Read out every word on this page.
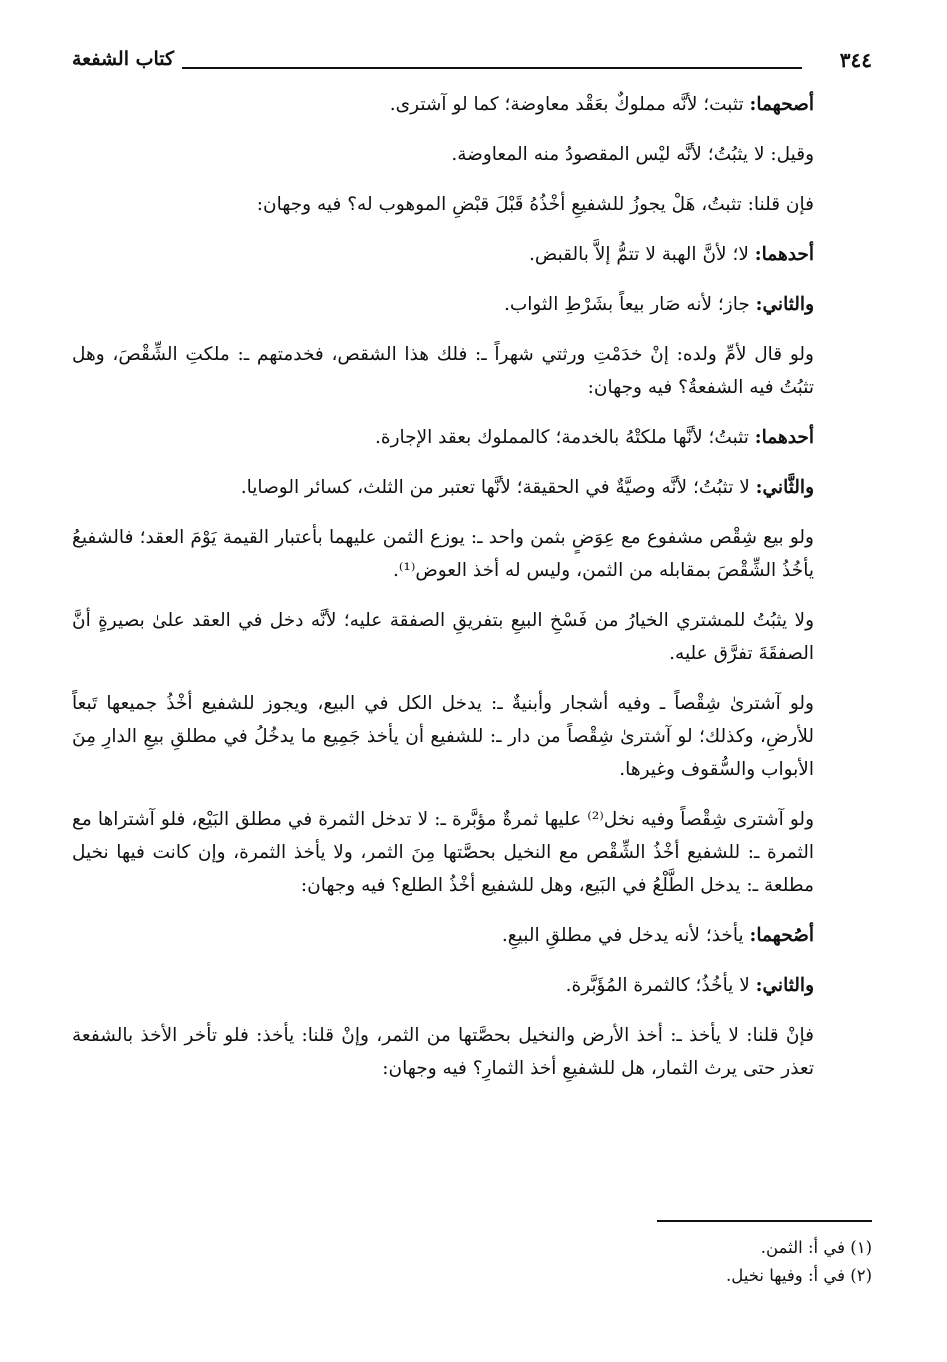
٣٤٤
كتاب الشفعة

أصحهما: تثبت؛ لأنَّه مملوكٌ بعَقْد معاوضة؛ كما لو آشترى.

وقيل: لا يثبُتُ؛ لأنَّه ليْس المقصودُ منه المعاوضة.

فإن قلنا: تثبتُ، هَلْ يجوزُ للشفيعِ أخْذُهُ قَبْلَ قبْضِ الموهوب له؟ فيه وجهان:

أحدهما: لا؛ لأنَّ الهبة لا تتمُّ إلاَّ بالقبض.

والثاني: جاز؛ لأنه صَار بيعاً بشَرْطِ الثواب.

ولو قال لأمِّ ولده: إنْ خدَمْتِ ورثتي شهراً ـ: فلك هذا الشقص، فخدمتهم ـ: ملكتِ الشِّقْصَ، وهل تثبُتُ فيه الشفعةُ؟ فيه وجهان:

أحدهما: تثبتُ؛ لأنَّها ملكتْهُ بالخدمة؛ كالمملوك بعقد الإجارة.

والثَّاني: لا تثبُتُ؛ لأنَّه وصيَّةٌ في الحقيقة؛ لأنَّها تعتبر من الثلث، كسائر الوصايا.

ولو بيع شِقْص مشفوع مع عِوَضٍ بثمن واحد ـ: يوزع الثمن عليهما بأعتبار القيمة يَوْمَ العقد؛ فالشفيعُ يأخُذُ الشِّقْصَ بمقابله من الثمن، وليس له أخذ العوض⁽¹⁾.

ولا يثبُتُ للمشتري الخيارُ من فَسْخِ البيعِ بتفريقِ الصفقة عليه؛ لأنَّه دخل في العقد علىٰ بصيرةٍ أنَّ الصفقَةَ تفرَّق عليه.

ولو آشترىٰ شِقْصاً ـ وفيه أشجار وأبنيةٌ ـ: يدخل الكل في البيع، ويجوز للشفيع أخْذُ جميعها تَبعاً للأرضِ، وكذلك؛ لو آشترىٰ شِقْصاً من دار ـ: للشفيع أن يأخذ جَمِيع ما يدخُلُ في مطلقِ بيعِ الدارِ مِنَ الأبواب والسُّقوف وغيرها.

ولو آشترى شِقْصاً وفيه نخل⁽²⁾ عليها ثمرةٌ مؤبَّرة ـ: لا تدخل الثمرة في مطلق البَيْع، فلو آشتراها مع الثمرة ـ: للشفيع أخْذُ الشِّقْص مع النخيل بحصَّتها مِنَ الثمر، ولا يأخذ الثمرة، وإن كانت فيها نخيل مطلعة ـ: يدخل الطَّلْعُ في البَيع، وهل للشفيع أخْذُ الطلع؟ فيه وجهان:

أصُحهما: يأخذ؛ لأنه يدخل في مطلقِ البيعِ.

والثاني: لا يأخُذُ؛ كالثمرة المُؤَبَّرة.

فإنْ قلنا: لا يأخذ ـ: أخذ الأرض والنخيل بحصَّتها من الثمر، وإنْ قلنا: يأخذ: فلو تأخر الأخذ بالشفعة تعذر حتى يرث الثمار، هل للشفيعِ أخذ الثمارِ؟ فيه وجهان:

(١) في أ: الثمن.

(٢) في أ: وفيها نخيل.
